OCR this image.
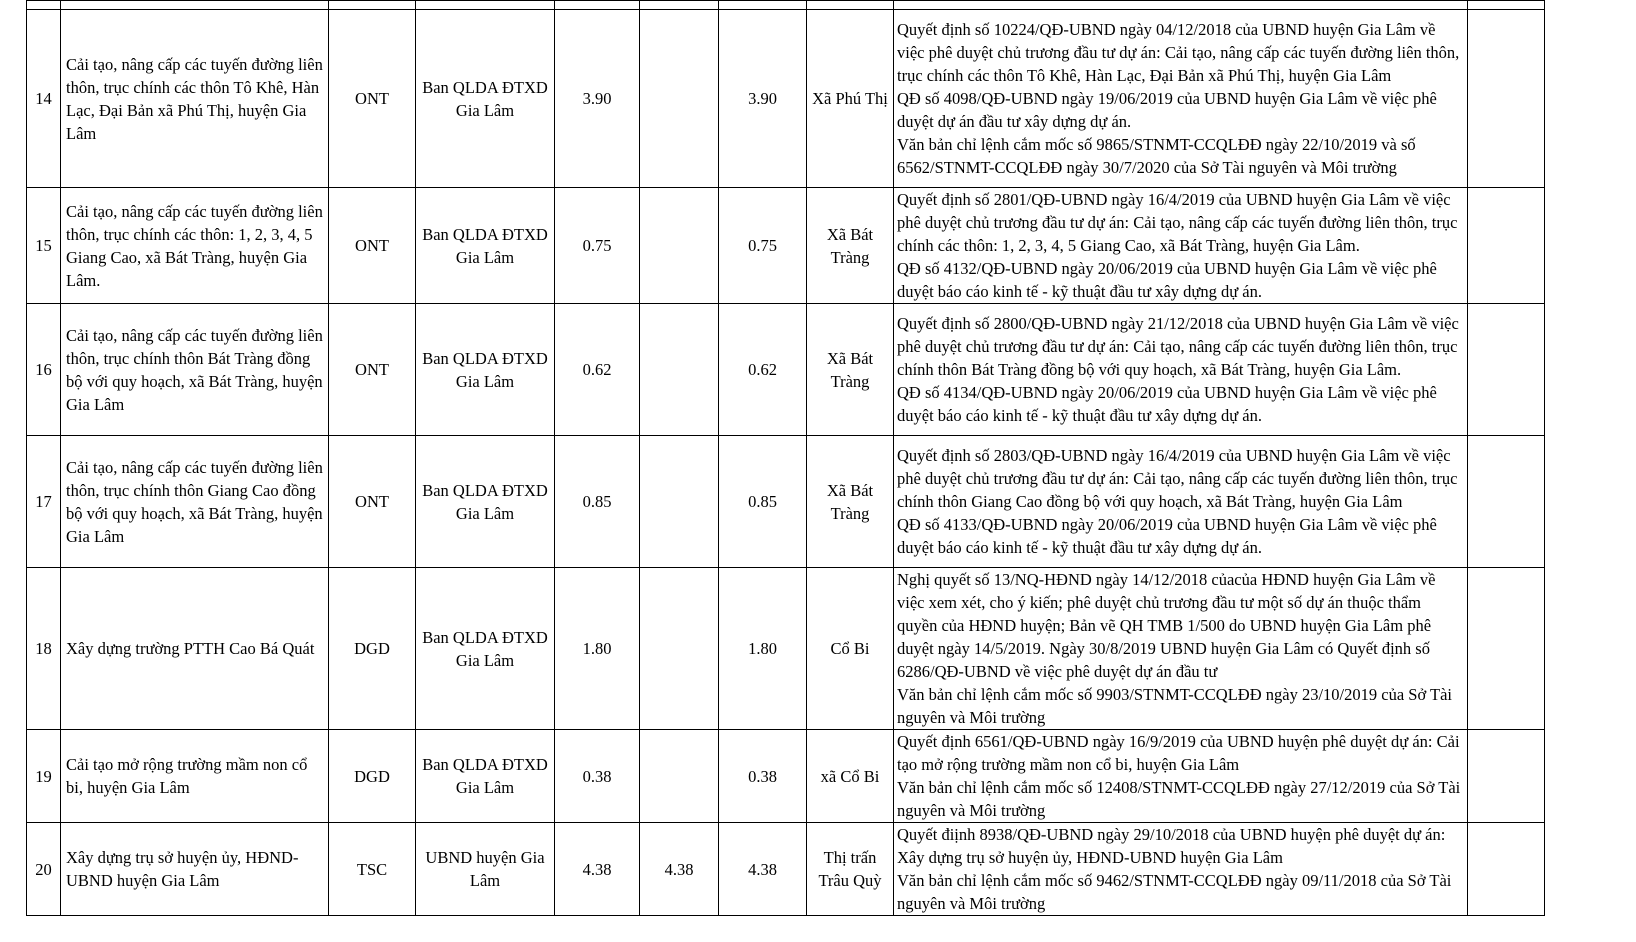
14	Cải tạo, nâng cấp các tuyến đường liên thôn, trục chính các thôn Tô Khê, Hàn Lạc, Đại Bản xã Phú Thị, huyện Gia Lâm	ONT	Ban QLDA ĐTXD Gia Lâm	3.90		3.90	Xã Phú Thị	Quyết định số 10224/QĐ-UBND ngày 04/12/2018 của UBND huyện Gia Lâm về việc phê duyệt chủ trương đầu tư dự án: Cải tạo, nâng cấp các tuyến đường liên thôn, trục chính các thôn Tô Khê, Hàn Lạc, Đại Bản xã Phú Thị, huyện Gia Lâm
QĐ số 4098/QĐ-UBND ngày 19/06/2019 của UBND huyện Gia Lâm về việc phê duyệt dự án đầu tư xây dựng dự án.
Văn bản chỉ lệnh cắm mốc số 9865/STNMT-CCQLĐĐ ngày 22/10/2019 và số 6562/STNMT-CCQLĐĐ ngày 30/7/2020 của Sở Tài nguyên và Môi trường	

15	Cải tạo, nâng cấp các tuyến đường liên thôn, trục chính các thôn: 1, 2, 3, 4, 5 Giang Cao, xã Bát Tràng, huyện Gia Lâm.	ONT	Ban QLDA ĐTXD Gia Lâm	0.75		0.75	Xã Bát Tràng	Quyết định số 2801/QĐ-UBND ngày 16/4/2019 của UBND huyện Gia Lâm về việc phê duyệt chủ trương đầu tư dự án: Cải tạo, nâng cấp các tuyến đường liên thôn, trục chính các thôn: 1, 2, 3, 4, 5 Giang Cao, xã Bát Tràng, huyện Gia Lâm.
QĐ số 4132/QĐ-UBND ngày 20/06/2019 của UBND huyện Gia Lâm về việc phê duyệt báo cáo kinh tế - kỹ thuật đầu tư xây dựng dự án.	

16	Cải tạo, nâng cấp các tuyến đường liên thôn, trục chính thôn Bát Tràng đồng bộ với quy hoạch, xã Bát Tràng, huyện Gia Lâm	ONT	Ban QLDA ĐTXD Gia Lâm	0.62		0.62	Xã Bát Tràng	Quyết định số 2800/QĐ-UBND ngày 21/12/2018 của UBND huyện Gia Lâm về việc phê duyệt chủ trương đầu tư dự án: Cải tạo, nâng cấp các tuyến đường liên thôn, trục chính thôn Bát Tràng đồng bộ với quy hoạch, xã Bát Tràng, huyện Gia Lâm.
QĐ số 4134/QĐ-UBND ngày 20/06/2019 của UBND huyện Gia Lâm về việc phê duyệt báo cáo kinh tế - kỹ thuật đầu tư xây dựng dự án.	

17	Cải tạo, nâng cấp các tuyến đường liên thôn, trục chính thôn Giang Cao đồng bộ với quy hoạch, xã Bát Tràng, huyện Gia Lâm	ONT	Ban QLDA ĐTXD Gia Lâm	0.85		0.85	Xã Bát Tràng	Quyết định số 2803/QĐ-UBND ngày 16/4/2019 của UBND huyện Gia Lâm về việc phê duyệt chủ trương đầu tư dự án: Cải tạo, nâng cấp các tuyến đường liên thôn, trục chính thôn Giang Cao đồng bộ với quy hoạch, xã Bát Tràng, huyện Gia Lâm
QĐ số 4133/QĐ-UBND ngày 20/06/2019 của UBND huyện Gia Lâm về việc phê duyệt báo cáo kinh tế - kỹ thuật đầu tư xây dựng dự án.	

18	Xây dựng trường PTTH Cao Bá Quát	DGD	Ban QLDA ĐTXD Gia Lâm	1.80		1.80	Cổ Bi	Nghị quyết số 13/NQ-HĐND ngày 14/12/2018 củacủa HĐND huyện Gia Lâm về việc xem xét, cho ý kiến; phê duyệt chủ trương đầu tư một số dự án thuộc thẩm quyền của HĐND huyện; Bản vẽ QH TMB 1/500 do UBND huyện Gia Lâm phê duyệt ngày 14/5/2019. Ngày 30/8/2019 UBND huyện Gia Lâm có Quyết định số 6286/QĐ-UBND về việc phê duyệt dự án đầu tư
Văn bản chỉ lệnh cắm mốc số 9903/STNMT-CCQLĐĐ ngày 23/10/2019 của Sở Tài nguyên và Môi trường	

19	Cải tạo mở rộng trường mầm non cổ bi, huyện Gia Lâm	DGD	Ban QLDA ĐTXD Gia Lâm	0.38		0.38	xã Cổ Bi	Quyết định 6561/QĐ-UBND ngày 16/9/2019 của UBND huyện phê duyệt dự án: Cải tạo mở rộng trường mầm non cổ bi, huyện Gia Lâm
Văn bản chỉ lệnh cắm mốc số 12408/STNMT-CCQLĐĐ ngày 27/12/2019 của Sở Tài nguyên và Môi trường	

20	Xây dựng trụ sở huyện ủy, HĐND-UBND huyện Gia Lâm	TSC	UBND huyện Gia Lâm	4.38	4.38	4.38	Thị trấn Trâu Quỳ	Quyết điịnh 8938/QĐ-UBND ngày 29/10/2018 của UBND huyện phê duyệt dự án: Xây dựng trụ sở huyện ủy, HĐND-UBND huyện Gia Lâm
Văn bản chỉ lệnh cắm mốc số 9462/STNMT-CCQLĐĐ ngày 09/11/2018 của Sở Tài nguyên và Môi trường	
